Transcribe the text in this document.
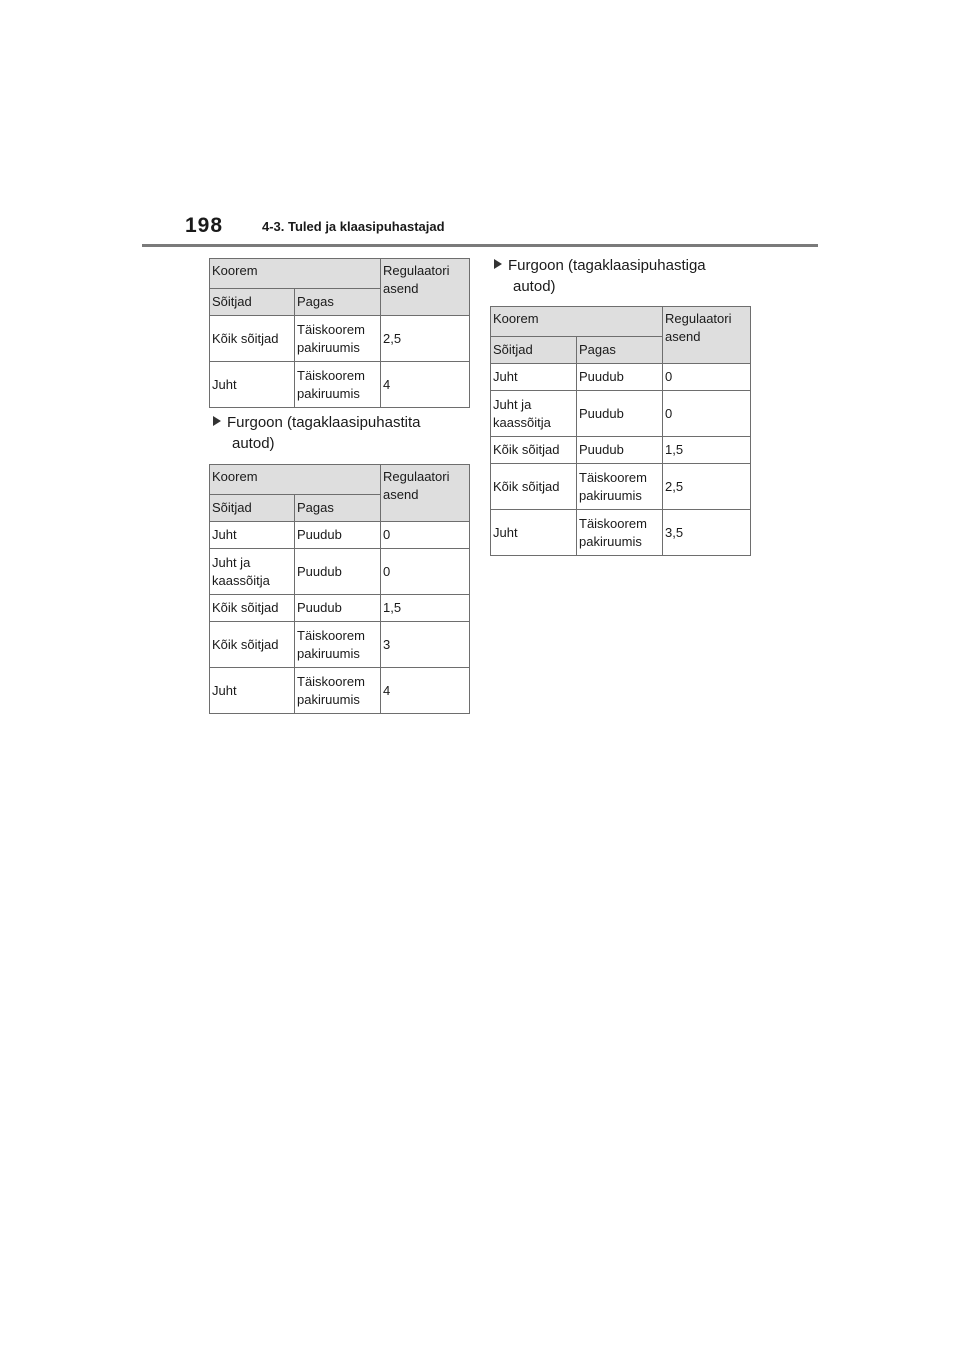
198	4-3. Tuled ja klaasipuhastajad
Koorem		Regulaatori asend
Sõitjad	Pagas	
Kõik sõitjad	Täiskoorem pakiruumis	2,5
Juht	Täiskoorem pakiruumis	4
Furgoon (tagaklaasipuhastita
autod)
Koorem		Regulaatori asend
Sõitjad	Pagas	
Juht	Puudub	0
Juht ja kaassõitja	Puudub	0
Kõik sõitjad	Puudub	1,5
Kõik sõitjad	Täiskoorem pakiruumis	3
Juht	Täiskoorem pakiruumis	4
Furgoon (tagaklaasipuhastiga
autod)
Koorem		Regulaatori asend
Sõitjad	Pagas	
Juht	Puudub	0
Juht ja kaassõitja	Puudub	0
Kõik sõitjad	Puudub	1,5
Kõik sõitjad	Täiskoorem pakiruumis	2,5
Juht	Täiskoorem pakiruumis	3,5
